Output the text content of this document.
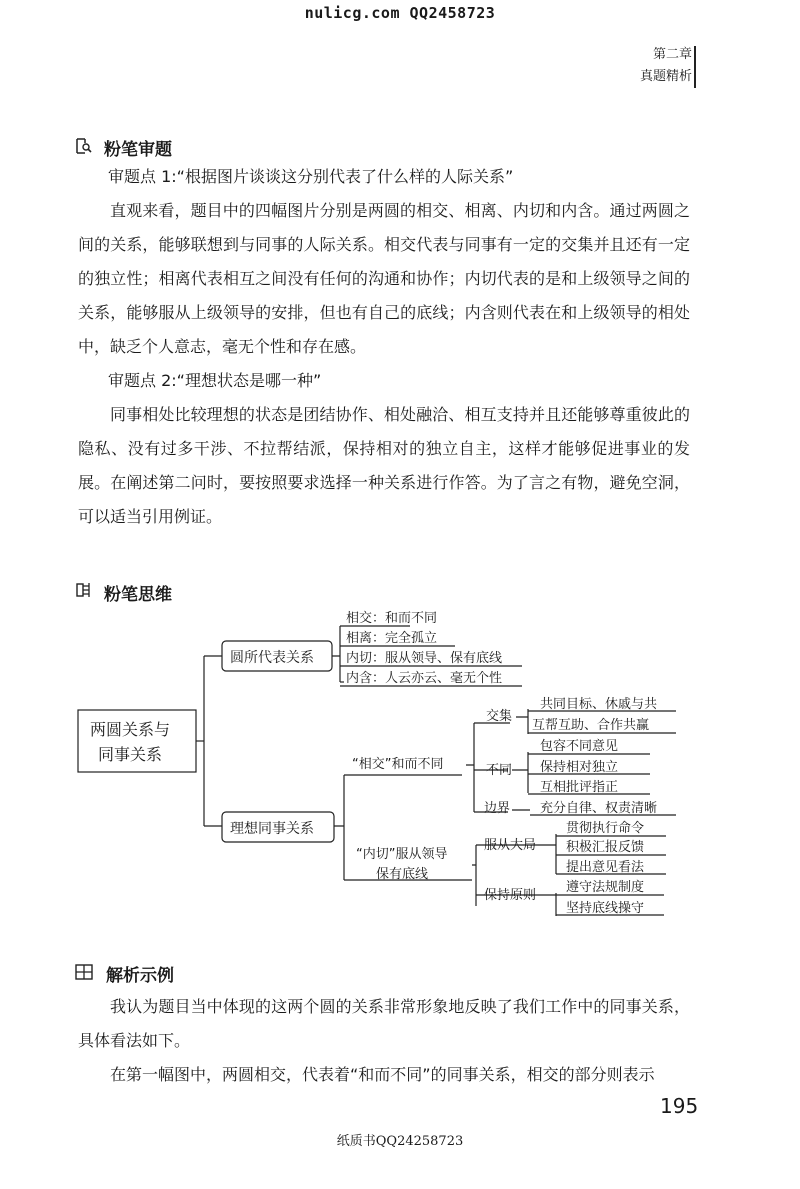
nulicg.com QQ2458723
第二章
真题精析
粉笔审题
审题点 1:“根据图片谈谈这分别代表了什么样的人际关系”

直观来看，题目中的四幅图片分别是两圆的相交、相离、内切和内含。通过两圆之间的关系，能够联想到与同事的人际关系。相交代表与同事有一定的交集并且还有一定的独立性；相离代表相互之间没有任何的沟通和协作；内切代表的是和上级领导之间的关系，能够服从上级领导的安排，但也有自己的底线；内含则代表在和上级领导的相处中，缺乏个人意志，毫无个性和存在感。

审题点 2:“理想状态是哪一种”

同事相处比较理想的状态是团结协作、相处融洽、相互支持并且还能够尊重彼此的隐私、没有过多干涉、不拉帮结派，保持相对的独立自主，这样才能够促进事业的发展。在阐述第二问时，要按照要求选择一种关系进行作答。为了言之有物，避免空洞，可以适当引用例证。

粉笔思维
两圆关系与
同事关系
圆所代表关系
理想同事关系
相交：和而不同
相离：完全孤立
内切：服从领导、保有底线
内含：人云亦云、毫无个性
“相交”和而不同
“内切”服从领导
保有底线
交集
不同
边界
共同目标、休戚与共
互帮互助、合作共赢
包容不同意见
保持相对独立
互相批评指正
充分自律、权责清晰
服从大局
保持原则
贯彻执行命令
积极汇报反馈
提出意见看法
遵守法规制度
坚持底线操守
解析示例

我认为题目当中体现的这两个圆的关系非常形象地反映了我们工作中的同事关系，具体看法如下。

在第一幅图中，两圆相交，代表着“和而不同”的同事关系，相交的部分则表示

195
纸质书QQ24258723
